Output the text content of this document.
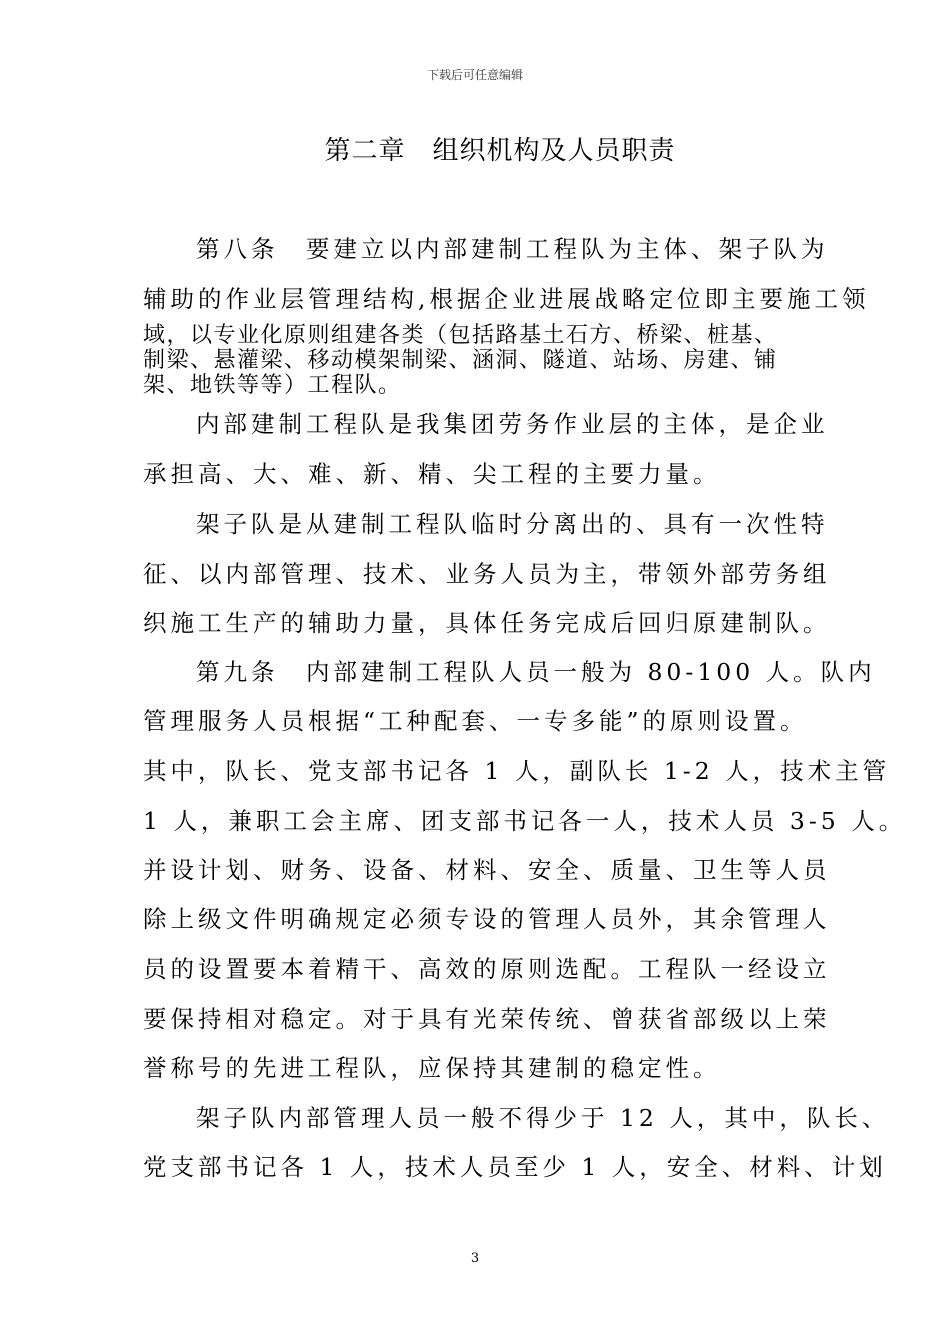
下载后可任意编辑
第二章　组织机构及人员职责
第八条　要建立以内部建制工程队为主体、架子队为
辅助的作业层管理结构,根据企业进展战略定位即主要施工领
域，以专业化原则组建各类（包括路基土石方、桥梁、桩基、
制梁、悬灌梁、移动模架制梁、涵洞、隧道、站场、房建、铺
架、地铁等等）工程队。
内部建制工程队是我集团劳务作业层的主体，是企业
承担高、大、难、新、精、尖工程的主要力量。
架子队是从建制工程队临时分离出的、具有一次性特
征、以内部管理、技术、业务人员为主，带领外部劳务组
织施工生产的辅助力量，具体任务完成后回归原建制队。
第九条　内部建制工程队人员一般为 80-100 人。队内
管理服务人员根据“工种配套、一专多能”的原则设置。
其中，队长、党支部书记各 1 人，副队长 1-2 人，技术主管
1 人，兼职工会主席、团支部书记各一人，技术人员 3-5 人。
并设计划、财务、设备、材料、安全、质量、卫生等人员
除上级文件明确规定必须专设的管理人员外，其余管理人
员的设置要本着精干、高效的原则选配。工程队一经设立
要保持相对稳定。对于具有光荣传统、曾获省部级以上荣
誉称号的先进工程队，应保持其建制的稳定性。
架子队内部管理人员一般不得少于 12 人，其中，队长、
党支部书记各 1 人，技术人员至少 1 人，安全、材料、计划
3
